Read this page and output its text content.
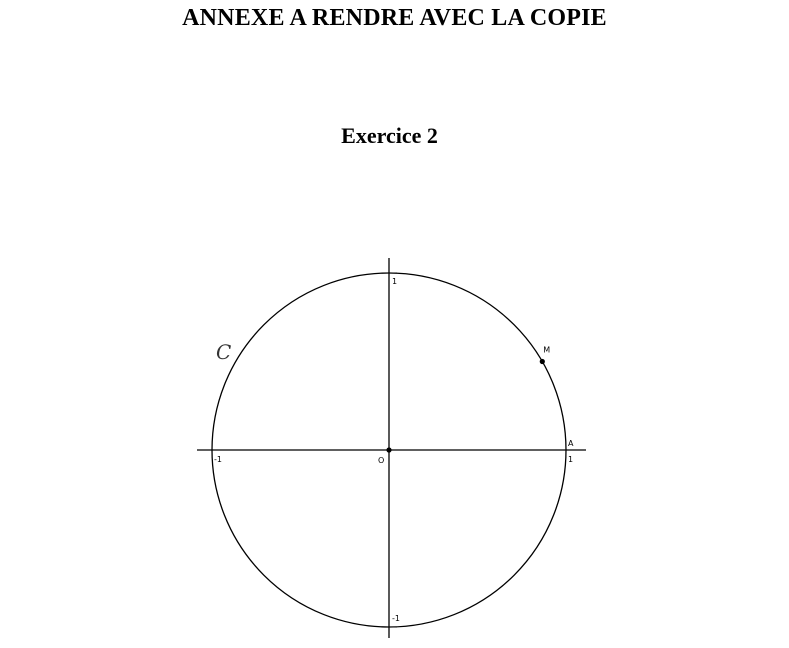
ANNEXE A RENDRE AVEC LA COPIE
Exercice 2
1
-1
1
-1
O
A
M
C
